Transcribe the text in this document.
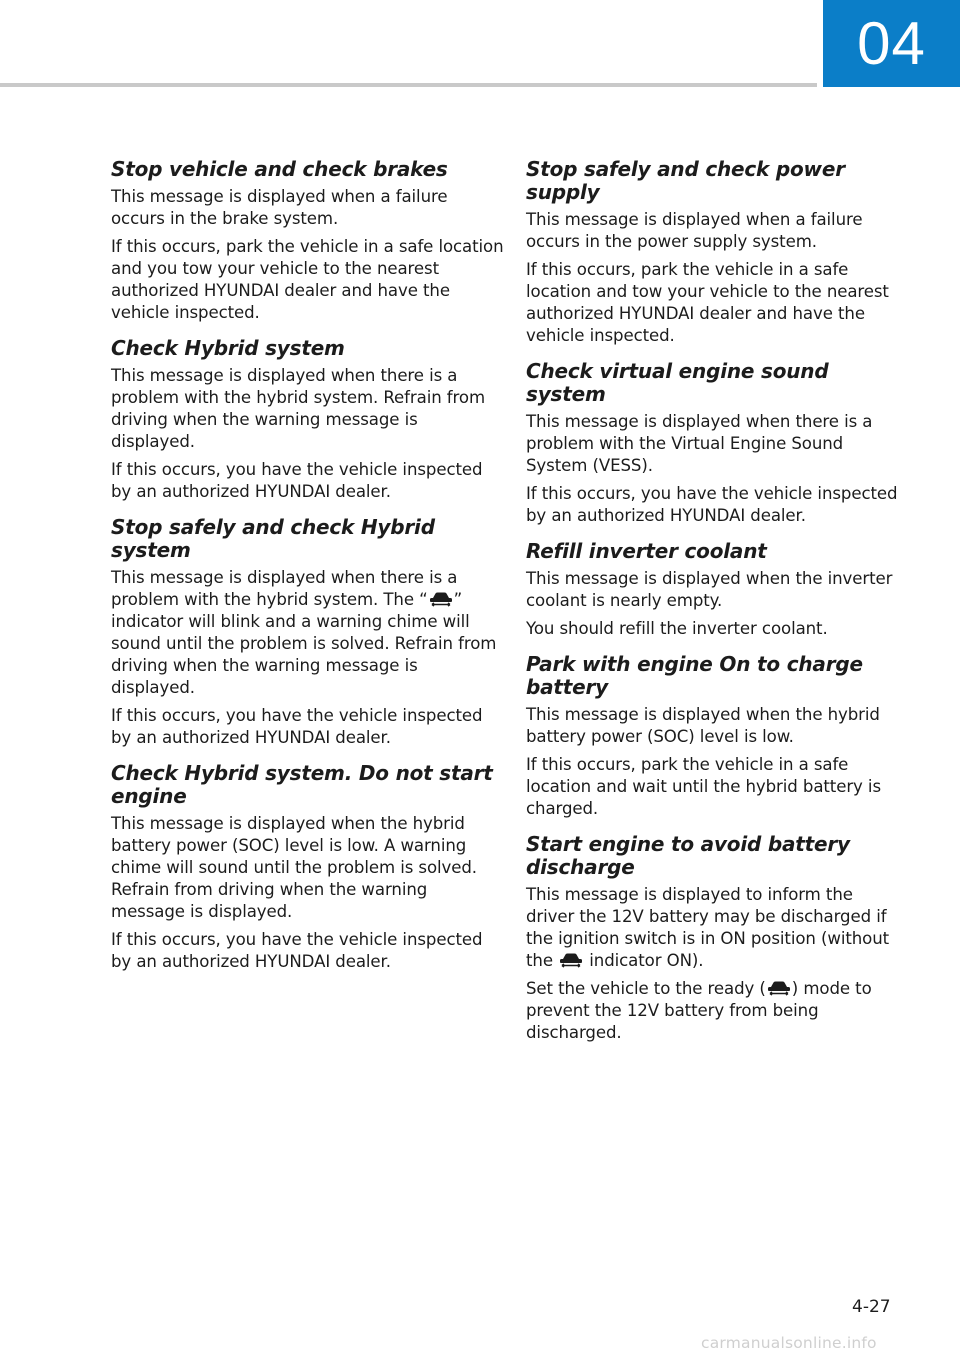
04
Stop vehicle and check brakes

This message is displayed when a failure occurs in the brake system.

If this occurs, park the vehicle in a safe location and you tow your vehicle to the nearest authorized HYUNDAI dealer and have the vehicle inspected.

Check Hybrid system

This message is displayed when there is a problem with the hybrid system. Refrain from driving when the warning message is displayed.

If this occurs, you have the vehicle inspected by an authorized HYUNDAI dealer.

Stop safely and check Hybrid system

This message is displayed when there is a problem with the hybrid system. The “ ” indicator will blink and a warning chime will sound until the problem is solved. Refrain from driving when the warning message is displayed.

If this occurs, you have the vehicle inspected by an authorized HYUNDAI dealer.

Check Hybrid system. Do not start engine

This message is displayed when the hybrid battery power (SOC) level is low. A warning chime will sound until the problem is solved. Refrain from driving when the warning message is displayed.

If this occurs, you have the vehicle inspected by an authorized HYUNDAI dealer.

Stop safely and check power supply

This message is displayed when a failure occurs in the power supply system.

If this occurs, park the vehicle in a safe location and tow your vehicle to the nearest authorized HYUNDAI dealer and have the vehicle inspected.

Check virtual engine sound system

This message is displayed when there is a problem with the Virtual Engine Sound System (VESS).

If this occurs, you have the vehicle inspected by an authorized HYUNDAI dealer.

Refill inverter coolant

This message is displayed when the inverter coolant is nearly empty.

You should refill the inverter coolant.

Park with engine On to charge battery

This message is displayed when the hybrid battery power (SOC) level is low.

If this occurs, park the vehicle in a safe location and wait until the hybrid battery is charged.

Start engine to avoid battery discharge

This message is displayed to inform the driver the 12V battery may be discharged if the ignition switch is in ON position (without the
indicator ON).

Set the vehicle to the ready ( ) mode to prevent the 12V battery from being discharged.

4-27
carmanualsonline.info
